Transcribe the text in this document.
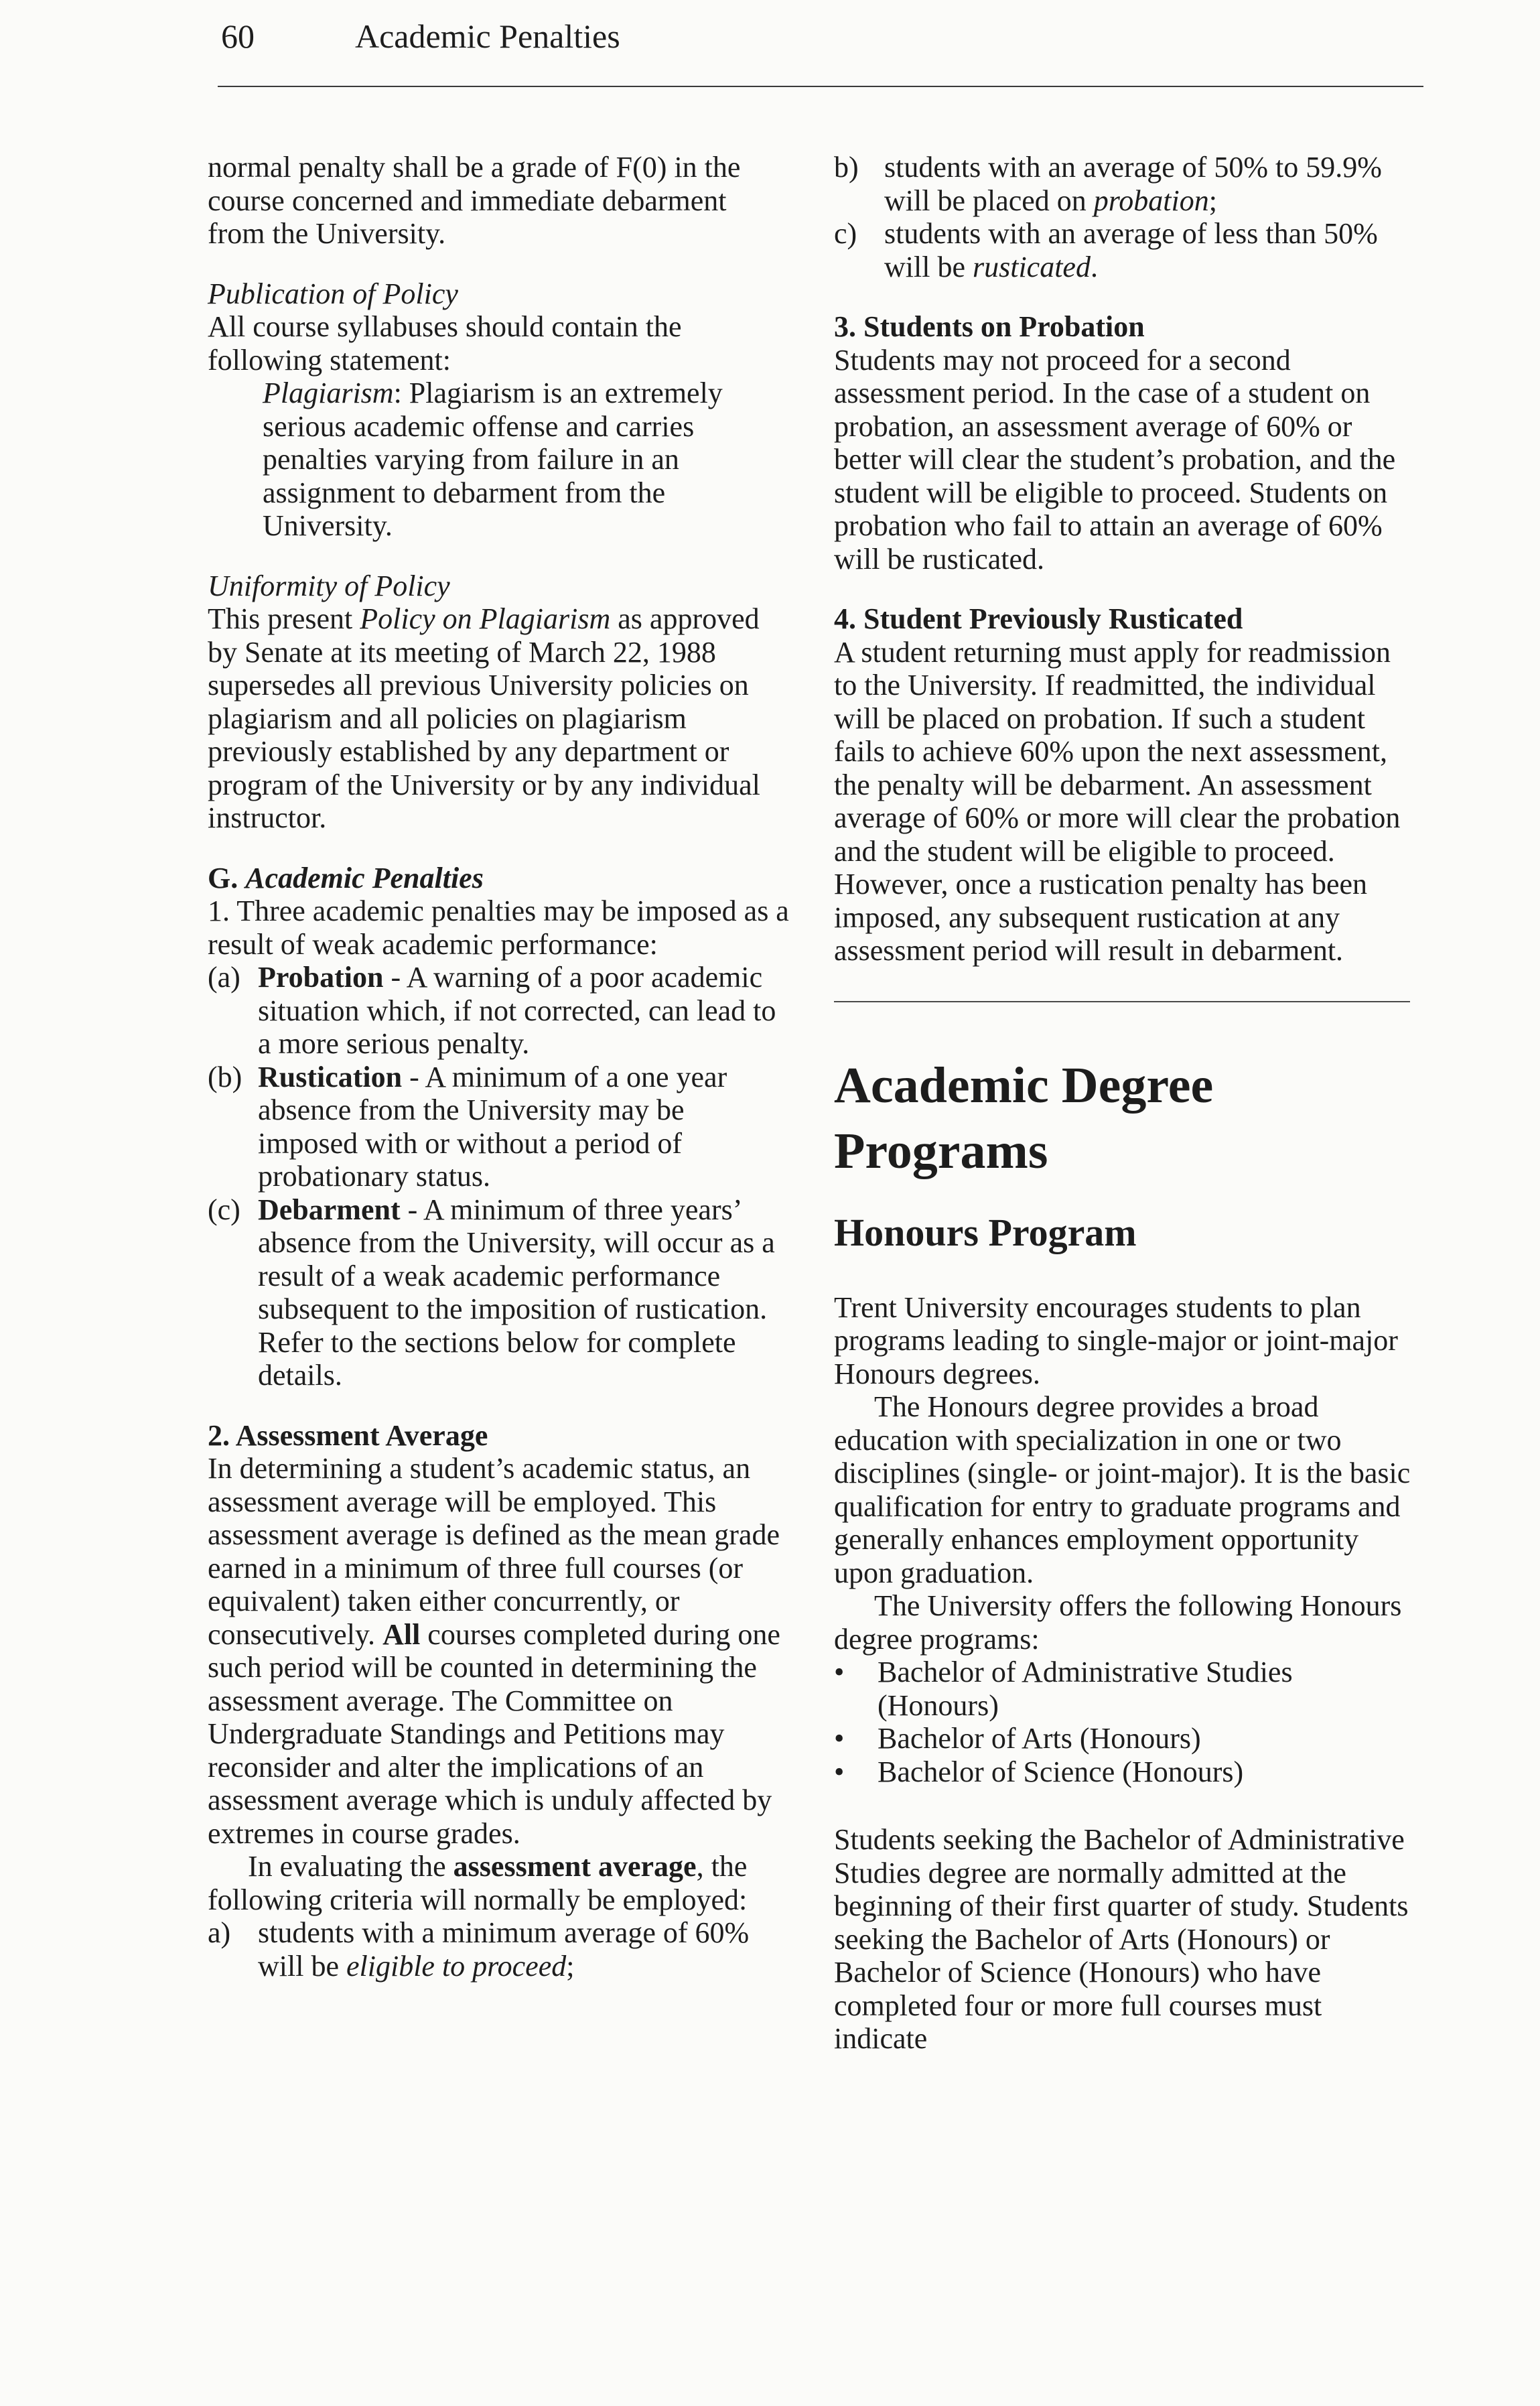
60	Academic Penalties

normal penalty shall be a grade of F(0) in the course concerned and immediate debarment from the University.

Publication of Policy

All course syllabuses should contain the following statement:

Plagiarism: Plagiarism is an extremely serious academic offense and carries penalties varying from failure in an assignment to debarment from the University.

Uniformity of Policy

This present Policy on Plagiarism as approved by Senate at its meeting of March 22, 1988 supersedes all previous University policies on plagiarism and all policies on plagiarism previously established by any department or program of the University or by any individual instructor.

G. Academic Penalties

1. Three academic penalties may be imposed as a result of weak academic performance:

(a) Probation - A warning of a poor academic situation which, if not corrected, can lead to a more serious penalty.
(b) Rustication - A minimum of a one year absence from the University may be imposed with or without a period of probationary status.
(c) Debarment - A minimum of three years’ absence from the University, will occur as a result of a weak academic performance subsequent to the imposition of rustication. Refer to the sections below for complete details.

2. Assessment Average

In determining a student’s academic status, an assessment average will be employed. This assessment average is defined as the mean grade earned in a minimum of three full courses (or equivalent) taken either concurrently, or consecutively. All courses completed during one such period will be counted in determining the assessment average. The Committee on Undergraduate Standings and Petitions may reconsider and alter the implications of an assessment average which is unduly affected by extremes in course grades.

In evaluating the assessment average, the following criteria will normally be employed:

a) students with a minimum average of 60% will be eligible to proceed;
b) students with an average of 50% to 59.9% will be placed on probation;
c) students with an average of less than 50% will be rusticated.

3. Students on Probation

Students may not proceed for a second assessment period. In the case of a student on probation, an assessment average of 60% or better will clear the student’s probation, and the student will be eligible to proceed. Students on probation who fail to attain an average of 60% will be rusticated.

4. Student Previously Rusticated

A student returning must apply for readmission to the University. If readmitted, the individual will be placed on probation. If such a student fails to achieve 60% upon the next assessment, the penalty will be debarment. An assessment average of 60% or more will clear the probation and the student will be eligible to proceed. However, once a rustication penalty has been imposed, any subsequent rustication at any assessment period will result in debarment.

Academic Degree Programs
Honours Program

Trent University encourages students to plan programs leading to single-major or joint-major Honours degrees.

The Honours degree provides a broad education with specialization in one or two disciplines (single- or joint-major). It is the basic qualification for entry to graduate programs and generally enhances employment opportunity upon graduation.

The University offers the following Honours degree programs:

•	Bachelor of Administrative Studies (Honours)
•	Bachelor of Arts (Honours)
•	Bachelor of Science (Honours)

Students seeking the Bachelor of Administrative Studies degree are normally admitted at the beginning of their first quarter of study. Students seeking the Bachelor of Arts (Honours) or Bachelor of Science (Honours) who have completed four or more full courses must indicate
